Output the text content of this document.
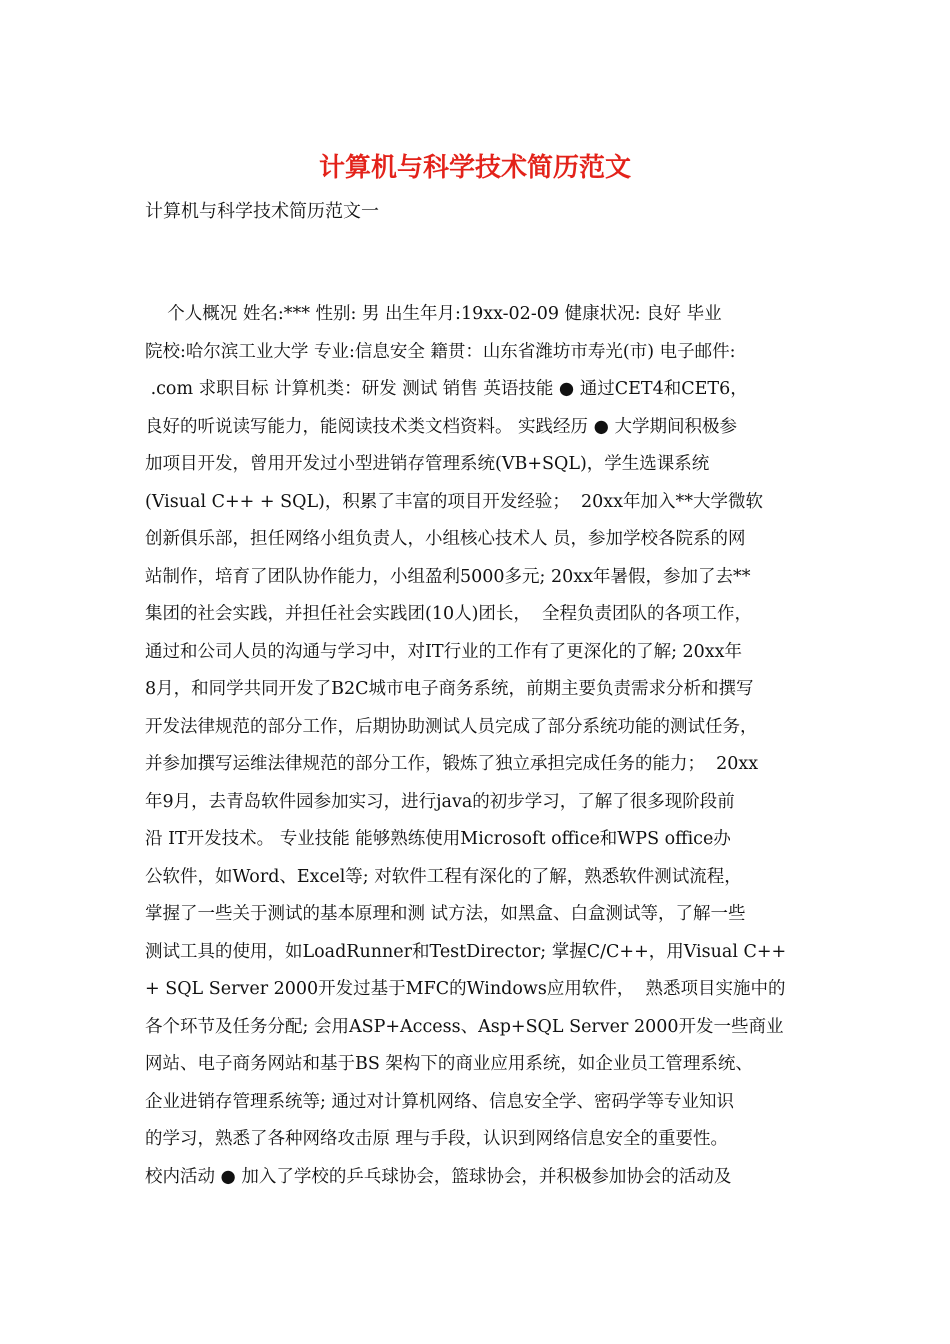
计算机与科学技术简历范文
计算机与科学技术简历范文一
个人概况 姓名:*** 性别: 男 出生年月:19xx-02-09 健康状况: 良好 毕业
院校:哈尔滨工业大学 专业:信息安全 籍贯：山东省潍坊市寿光(市) 电子邮件:
.com 求职目标 计算机类：研发 测试 销售 英语技能 ● 通过CET4和CET6，
良好的听说读写能力，能阅读技术类文档资料。 实践经历 ● 大学期间积极参
加项目开发，曾用开发过小型进销存管理系统(VB+SQL)，学生选课系统
(Visual C++ + SQL)，积累了丰富的项目开发经验；  20xx年加入**大学微软
创新俱乐部，担任网络小组负责人，小组核心技术人 员，参加学校各院系的网
站制作，培育了团队协作能力，小组盈利5000多元; 20xx年暑假，参加了去**
集团的社会实践，并担任社会实践团(10人)团长，  全程负责团队的各项工作，
通过和公司人员的沟通与学习中，对IT行业的工作有了更深化的了解; 20xx年
8月，和同学共同开发了B2C城市电子商务系统，前期主要负责需求分析和撰写
开发法律规范的部分工作，后期协助测试人员完成了部分系统功能的测试任务，
并参加撰写运维法律规范的部分工作，锻炼了独立承担完成任务的能力；  20xx
年9月，去青岛软件园参加实习，进行java的初步学习，了解了很多现阶段前
沿 IT开发技术。 专业技能 能够熟练使用Microsoft office和WPS office办
公软件，如Word、Excel等; 对软件工程有深化的了解，熟悉软件测试流程，
掌握了一些关于测试的基本原理和测 试方法，如黑盒、白盒测试等，了解一些
测试工具的使用，如LoadRunner和TestDirector; 掌握C/C++，用Visual C++
+ SQL Server 2000开发过基于MFC的Windows应用软件，  熟悉项目实施中的
各个环节及任务分配; 会用ASP+Access、Asp+SQL Server 2000开发一些商业
网站、电子商务网站和基于BS 架构下的商业应用系统，如企业员工管理系统、
企业进销存管理系统等; 通过对计算机网络、信息安全学、密码学等专业知识
的学习，熟悉了各种网络攻击原 理与手段，认识到网络信息安全的重要性。
校内活动 ● 加入了学校的乒乓球协会，篮球协会，并积极参加协会的活动及
